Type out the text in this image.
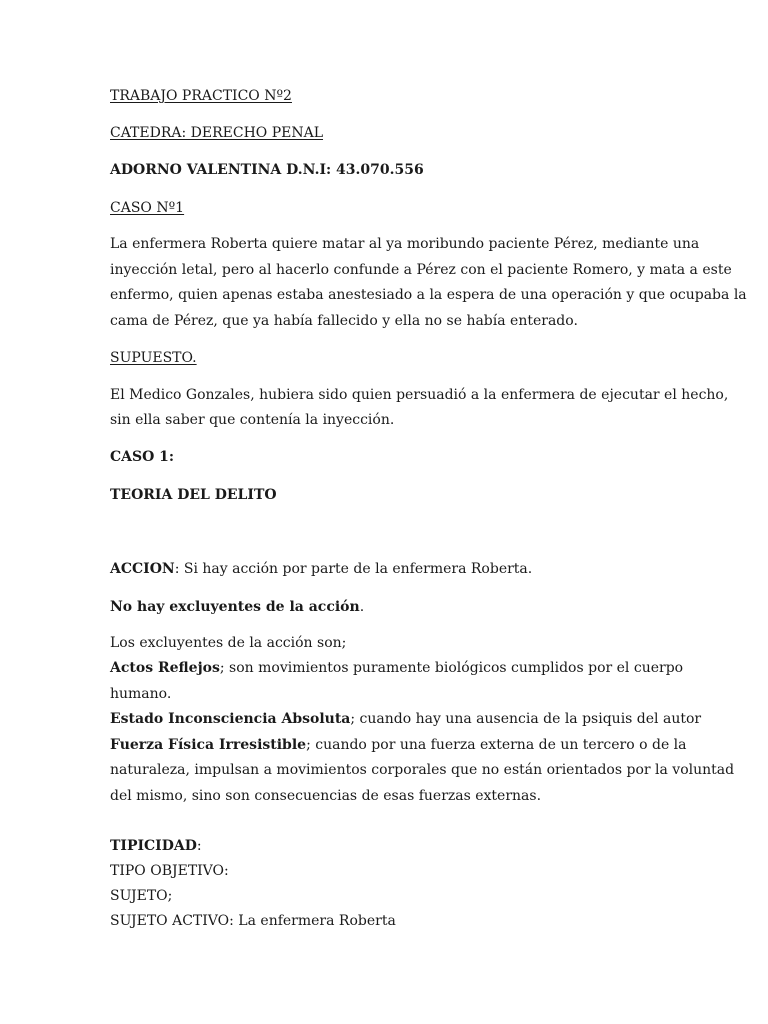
TRABAJO PRACTICO Nº2
CATEDRA: DERECHO PENAL
ADORNO VALENTINA D.N.I: 43.070.556
CASO Nº1
La enfermera Roberta quiere matar al ya moribundo paciente Pérez, mediante una
inyección letal, pero al hacerlo confunde a Pérez con el paciente Romero, y mata a este
enfermo, quien apenas estaba anestesiado a la espera de una operación y que ocupaba la
cama de Pérez, que ya había fallecido y ella no se había enterado.
SUPUESTO.
El Medico Gonzales, hubiera sido quien persuadió a la enfermera de ejecutar el hecho,
sin ella saber que contenía la inyección.
CASO 1:
TEORIA DEL DELITO
ACCION: Si hay acción por parte de la enfermera Roberta.
No hay excluyentes de la acción.
Los excluyentes de la acción son;
Actos Reflejos; son movimientos puramente biológicos cumplidos por el cuerpo
humano.
Estado Inconsciencia Absoluta; cuando hay una ausencia de la psiquis del autor
Fuerza Física Irresistible; cuando por una fuerza externa de un tercero o de la
naturaleza, impulsan a movimientos corporales que no están orientados por la voluntad
del mismo, sino son consecuencias de esas fuerzas externas.
TIPICIDAD:
TIPO OBJETIVO:
SUJETO;
SUJETO ACTIVO: La enfermera Roberta
